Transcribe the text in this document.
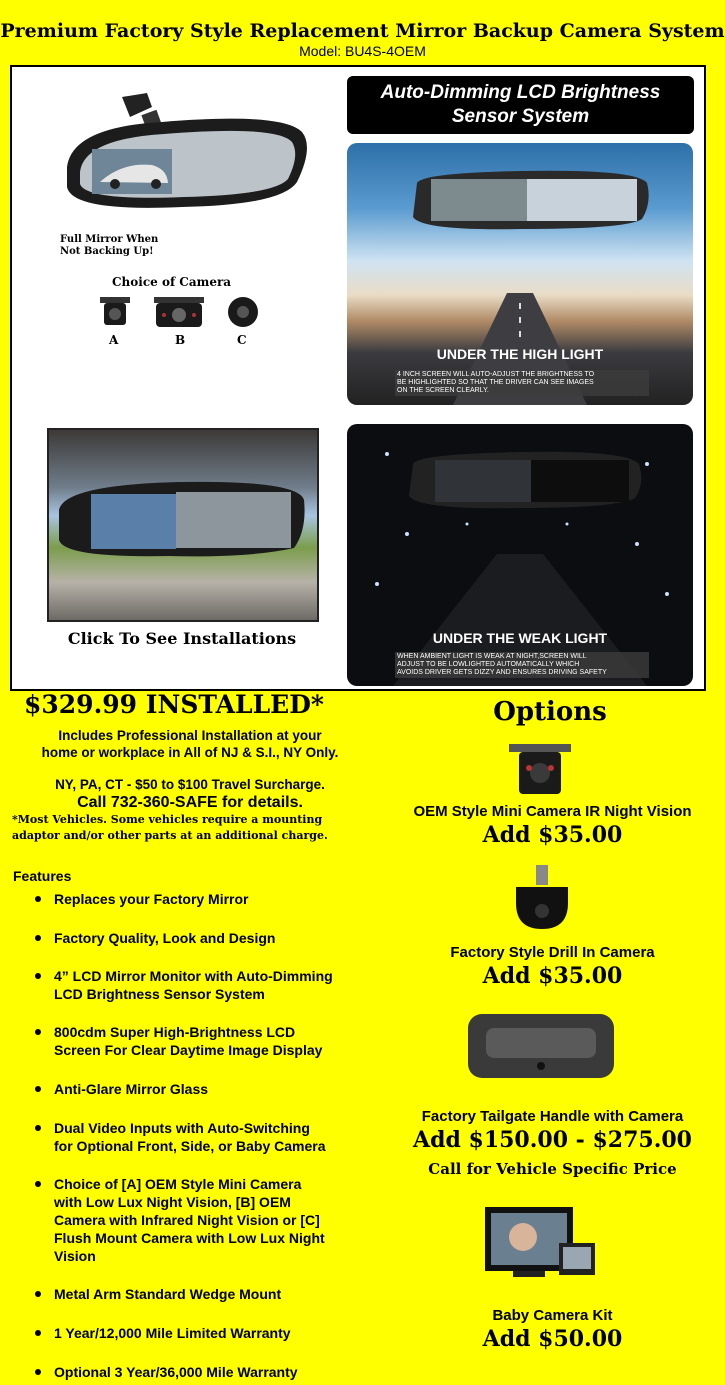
Premium Factory Style Replacement Mirror Backup Camera System
Model: BU4S-4OEM
Full Mirror When
Not Backing Up!
Choice of Camera
A	B	C
Auto-Dimming LCD Brightness
Sensor System
UNDER THE HIGH LIGHT
4 INCH SCREEN WILL AUTO-ADJUST THE BRIGHTNESS TO
BE HIGHLIGHTED SO THAT THE DRIVER CAN SEE IMAGES
ON THE SCREEN CLEARLY.
Click To See Installations	UNDER THE WEAK LIGHT
WHEN AMBIENT LIGHT IS WEAK AT NIGHT,SCREEN WILL
ADJUST TO BE LOWLIGHTED AUTOMATICALLY WHICH
AVOIDS DRIVER GETS DIZZY AND ENSURES DRIVING SAFETY
$329.99 INSTALLED*
Includes Professional Installation at your
home or workplace in All of NJ & S.I., NY Only.
NY, PA, CT - $50 to $100 Travel Surcharge.
Call 732-360-SAFE for details.
*Most Vehicles. Some vehicles require a mounting
adaptor and/or other parts at an additional charge.
Features
Replaces your Factory Mirror
Factory Quality, Look and Design
4” LCD Mirror Monitor with Auto-Dimming
LCD Brightness Sensor System
800cdm Super High-Brightness LCD
Screen For Clear Daytime Image Display
Anti-Glare Mirror Glass
Dual Video Inputs with Auto-Switching
for Optional Front, Side, or Baby Camera
Choice of [A] OEM Style Mini Camera
with Low Lux Night Vision, [B] OEM
Camera with Infrared Night Vision or [C]
Flush Mount Camera with Low Lux Night
Vision
Metal Arm Standard Wedge Mount
1 Year/12,000 Mile Limited Warranty
Optional 3 Year/36,000 Mile Warranty
Options
OEM Style Mini Camera IR Night Vision
Add $35.00
Factory Style Drill In Camera
Add $35.00
Factory Tailgate Handle with Camera
Add $150.00 - $275.00
Call for Vehicle Specific Price
Baby Camera Kit
Add $50.00
